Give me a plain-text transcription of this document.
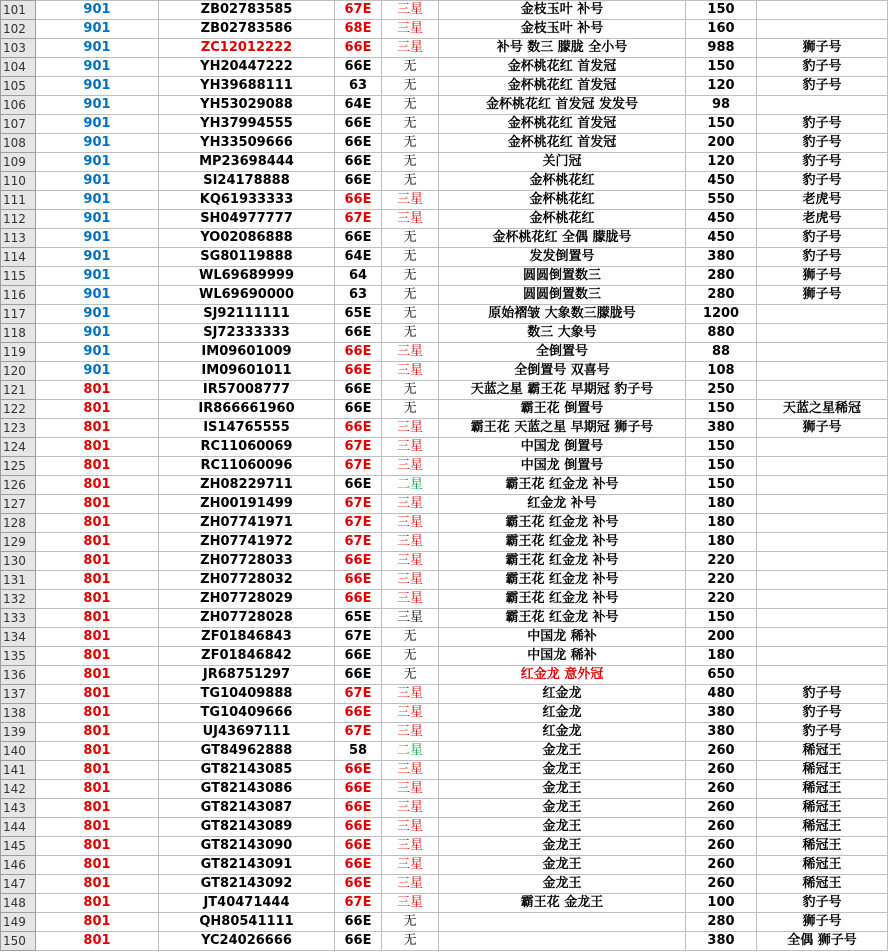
101	901	ZB02783585	67E	三星	金枝玉叶 补号	150	
102	901	ZB02783586	68E	三星	金枝玉叶 补号	160	
103	901	ZC12012222	66E	三星	补号 数三 朦胧 全小号	988	狮子号
104	901	YH20447222	66E	无	金杯桃花红 首发冠	150	豹子号
105	901	YH39688111	63	无	金杯桃花红 首发冠	120	豹子号
106	901	YH53029088	64E	无	金杯桃花红 首发冠 发发号	98	
107	901	YH37994555	66E	无	金杯桃花红 首发冠	150	豹子号
108	901	YH33509666	66E	无	金杯桃花红 首发冠	200	豹子号
109	901	MP23698444	66E	无	关门冠	120	豹子号
110	901	SI24178888	66E	无	金杯桃花红	450	豹子号
111	901	KQ61933333	66E	三星	金杯桃花红	550	老虎号
112	901	SH04977777	67E	三星	金杯桃花红	450	老虎号
113	901	YO02086888	66E	无	金杯桃花红 全偶 朦胧号	450	豹子号
114	901	SG80119888	64E	无	发发倒置号	380	豹子号
115	901	WL69689999	64	无	圆圆倒置数三	280	狮子号
116	901	WL69690000	63	无	圆圆倒置数三	280	狮子号
117	901	SJ92111111	65E	无	原始褶皱 大象数三朦胧号	1200	
118	901	SJ72333333	66E	无	数三 大象号	880	
119	901	IM09601009	66E	三星	全倒置号	88	
120	901	IM09601011	66E	三星	全倒置号 双喜号	108	
121	801	IR57008777	66E	无	天蓝之星 霸王花 早期冠 豹子号	250	
122	801	IR866661960	66E	无	霸王花 倒置号	150	天蓝之星稀冠
123	801	IS14765555	66E	三星	霸王花 天蓝之星 早期冠 狮子号	380	狮子号
124	801	RC11060069	67E	三星	中国龙 倒置号	150	
125	801	RC11060096	67E	三星	中国龙 倒置号	150	
126	801	ZH08229711	66E	二星	霸王花 红金龙 补号	150	
127	801	ZH00191499	67E	三星	红金龙 补号	180	
128	801	ZH07741971	67E	三星	霸王花 红金龙 补号	180	
129	801	ZH07741972	67E	三星	霸王花 红金龙 补号	180	
130	801	ZH07728033	66E	三星	霸王花 红金龙 补号	220	
131	801	ZH07728032	66E	三星	霸王花 红金龙 补号	220	
132	801	ZH07728029	66E	三星	霸王花 红金龙 补号	220	
133	801	ZH07728028	65E	三星	霸王花 红金龙 补号	150	
134	801	ZF01846843	67E	无	中国龙 稀补	200	
135	801	ZF01846842	66E	无	中国龙 稀补	180	
136	801	JR68751297	66E	无	红金龙 意外冠	650	
137	801	TG10409888	67E	三星	红金龙	480	豹子号
138	801	TG10409666	66E	三星	红金龙	380	豹子号
139	801	UJ43697111	67E	三星	红金龙	380	豹子号
140	801	GT84962888	58	二星	金龙王	260	稀冠王
141	801	GT82143085	66E	三星	金龙王	260	稀冠王
142	801	GT82143086	66E	三星	金龙王	260	稀冠王
143	801	GT82143087	66E	三星	金龙王	260	稀冠王
144	801	GT82143089	66E	三星	金龙王	260	稀冠王
145	801	GT82143090	66E	三星	金龙王	260	稀冠王
146	801	GT82143091	66E	三星	金龙王	260	稀冠王
147	801	GT82143092	66E	三星	金龙王	260	稀冠王
148	801	JT40471444	67E	三星	霸王花 金龙王	100	豹子号
149	801	QH80541111	66E	无		280	狮子号
150	801	YC24026666	66E	无		380	全偶 狮子号
